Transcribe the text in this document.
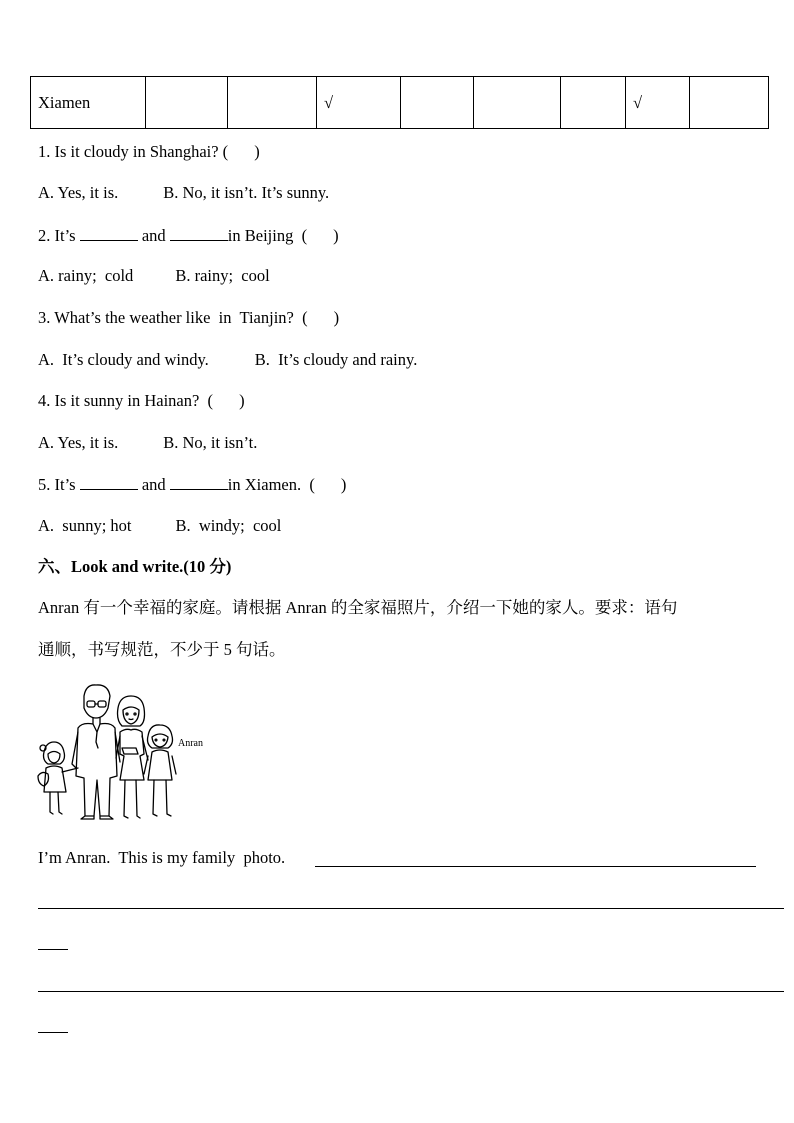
Xiamen			√				√	
1. Is it cloudy in Shanghai? ( )
A. Yes, it is.	B. No, it isn’t. It’s sunny.
2. It’s	and	in Beijing  ( )
A. rainy;  cold	B. rainy;  cool
3. What’s the weather like  in  Tianjin?  ( )
A.  It’s cloudy and windy.	B.  It’s cloudy and rainy.
4. Is it sunny in Hainan?  ( )
A. Yes, it is.	B. No, it isn’t.
5. It’s	and	in Xiamen.  ( )
A.  sunny; hot	B.  windy;  cool
六、Look and write.(10 分)
Anran 有一个幸福的家庭。请根据 Anran 的全家福照片，介绍一下她的家人。要求：语句
通顺，书写规范，不少于 5 句话。
Anran
I’m Anran.  This is my family  photo.
